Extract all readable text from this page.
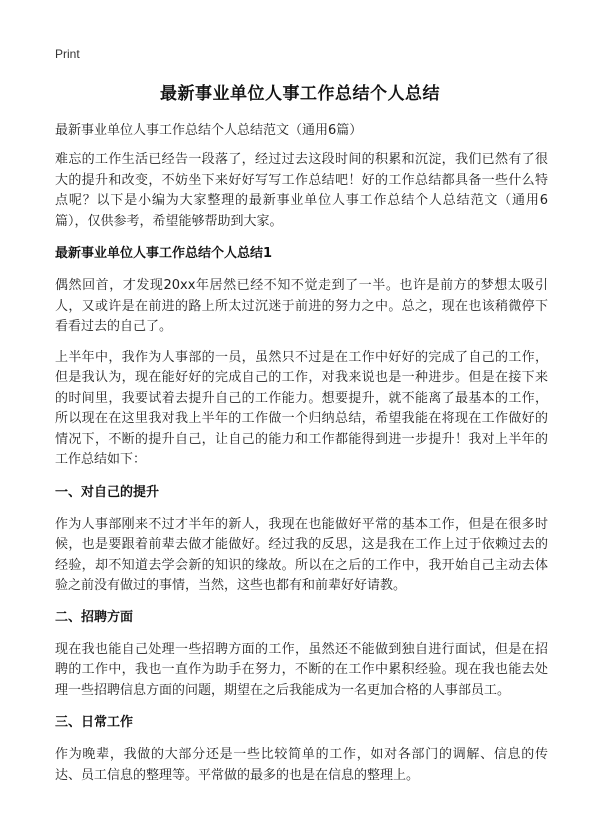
Print
最新事业单位人事工作总结个人总结
最新事业单位人事工作总结个人总结范文（通用6篇）
难忘的工作生活已经告一段落了，经过过去这段时间的积累和沉淀，我们已然有了很大的提升和改变，不妨坐下来好好写写工作总结吧！好的工作总结都具备一些什么特点呢？以下是小编为大家整理的最新事业单位人事工作总结个人总结范文（通用6篇），仅供参考，希望能够帮助到大家。
最新事业单位人事工作总结个人总结1
偶然回首，才发现20xx年居然已经不知不觉走到了一半。也许是前方的梦想太吸引人，又或许是在前进的路上所太过沉迷于前进的努力之中。总之，现在也该稍微停下看看过去的自己了。
上半年中，我作为人事部的一员，虽然只不过是在工作中好好的完成了自己的工作，但是我认为，现在能好好的完成自己的工作，对我来说也是一种进步。但是在接下来的时间里，我要试着去提升自己的工作能力。想要提升，就不能离了最基本的工作，所以现在在这里我对我上半年的工作做一个归纳总结，希望我能在将现在工作做好的情况下，不断的提升自己，让自己的能力和工作都能得到进一步提升！我对上半年的工作总结如下：
一、对自己的提升
作为人事部刚来不过才半年的新人，我现在也能做好平常的基本工作，但是在很多时候，也是要跟着前辈去做才能做好。经过我的反思，这是我在工作上过于依赖过去的经验，却不知道去学会新的知识的缘故。所以在之后的工作中，我开始自己主动去体验之前没有做过的事情，当然，这些也都有和前辈好好请教。
二、招聘方面
现在我也能自己处理一些招聘方面的工作，虽然还不能做到独自进行面试，但是在招聘的工作中，我也一直作为助手在努力，不断的在工作中累积经验。现在我也能去处理一些招聘信息方面的问题，期望在之后我能成为一名更加合格的人事部员工。
三、日常工作
作为晚辈，我做的大部分还是一些比较简单的工作，如对各部门的调解、信息的传达、员工信息的整理等。平常做的最多的也是在信息的整理上。
